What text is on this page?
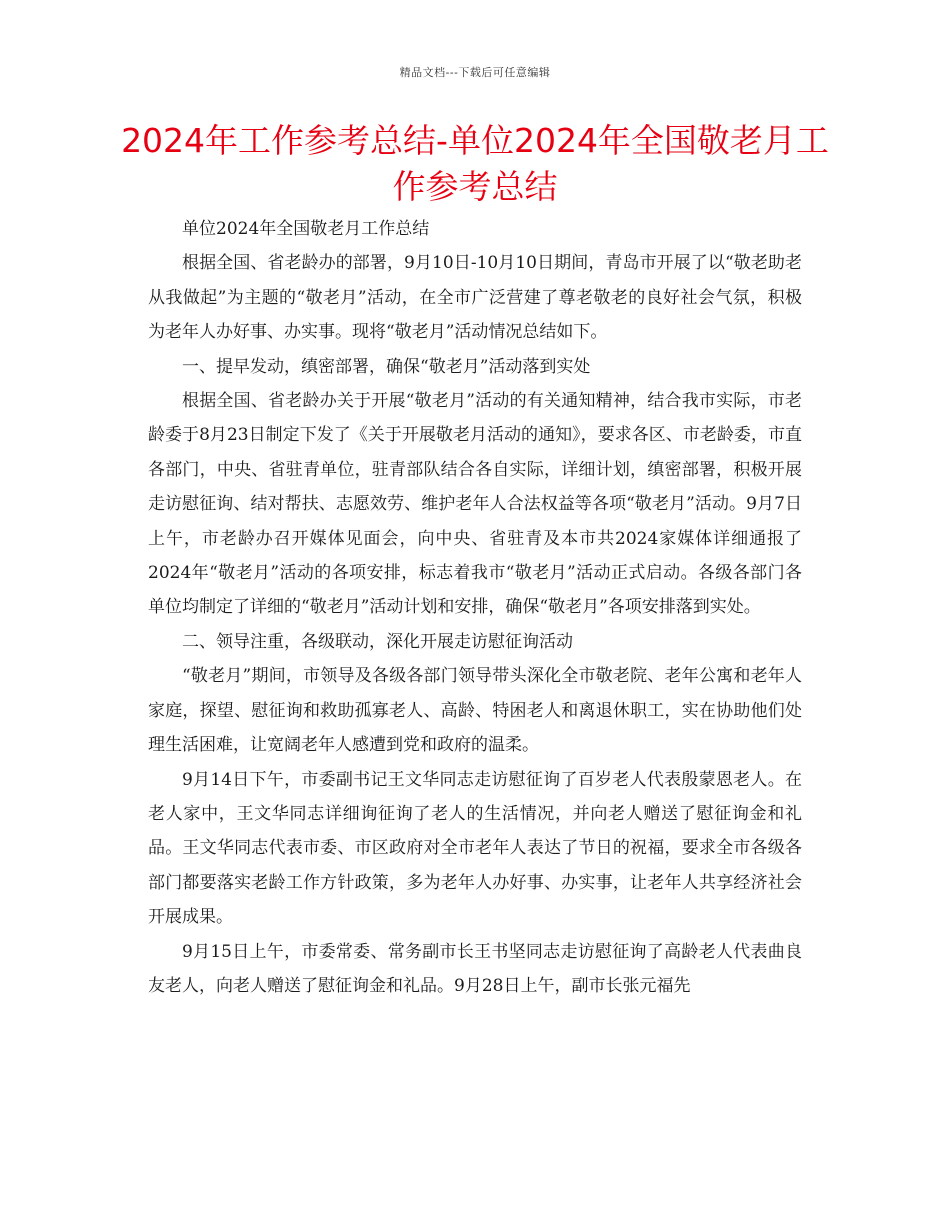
精品文档---下载后可任意编辑
2024年工作参考总结-单位2024年全国敬老月工作参考总结

单位2024年全国敬老月工作总结

根据全国、省老龄办的部署，9月10日-10月10日期间，青岛市开展了以“敬老助老从我做起”为主题的“敬老月”活动，在全市广泛营建了尊老敬老的良好社会气氛，积极为老年人办好事、办实事。现将“敬老月”活动情况总结如下。

一、提早发动，缜密部署，确保“敬老月”活动落到实处

根据全国、省老龄办关于开展“敬老月”活动的有关通知精神，结合我市实际，市老龄委于8月23日制定下发了《关于开展敬老月活动的通知》，要求各区、市老龄委，市直各部门，中央、省驻青单位，驻青部队结合各自实际，详细计划，缜密部署，积极开展走访慰征询、结对帮扶、志愿效劳、维护老年人合法权益等各项“敬老月”活动。9月7日上午，市老龄办召开媒体见面会，向中央、省驻青及本市共2024家媒体详细通报了2024年“敬老月”活动的各项安排，标志着我市“敬老月”活动正式启动。各级各部门各单位均制定了详细的“敬老月”活动计划和安排，确保“敬老月”各项安排落到实处。

二、领导注重，各级联动，深化开展走访慰征询活动

“敬老月”期间，市领导及各级各部门领导带头深化全市敬老院、老年公寓和老年人家庭，探望、慰征询和救助孤寡老人、高龄、特困老人和离退休职工，实在协助他们处理生活困难，让宽阔老年人感遭到党和政府的温柔。

9月14日下午，市委副书记王文华同志走访慰征询了百岁老人代表殷蒙恩老人。在老人家中，王文华同志详细询征询了老人的生活情况，并向老人赠送了慰征询金和礼品。王文华同志代表市委、市区政府对全市老年人表达了节日的祝福，要求全市各级各部门都要落实老龄工作方针政策，多为老年人办好事、办实事，让老年人共享经济社会开展成果。

9月15日上午，市委常委、常务副市长王书坚同志走访慰征询了高龄老人代表曲良友老人，向老人赠送了慰征询金和礼品。9月28日上午，副市长张元福先
